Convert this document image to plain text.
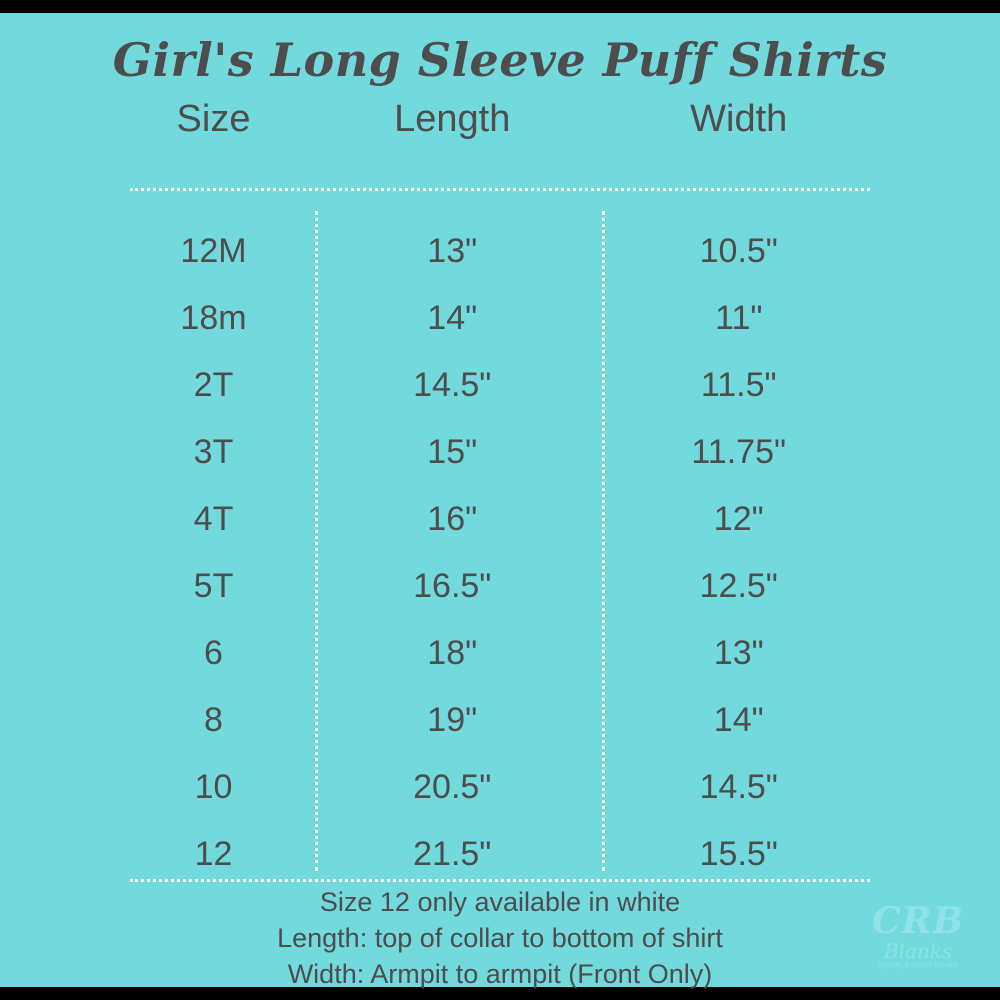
Girl's Long Sleeve Puff Shirts
Size	Length	Width
12M	13"	10.5"
18m	14"	11"
2T	14.5"	11.5"
3T	15"	11.75"
4T	16"	12"
5T	16.5"	12.5"
6	18"	13"
8	19"	14"
10	20.5"	14.5"
12	21.5"	15.5"
Size 12 only available in white
Length: top of collar to bottom of shirt
Width: Armpit to armpit (Front Only)
CRB
Blanks
quality & detail blanks
